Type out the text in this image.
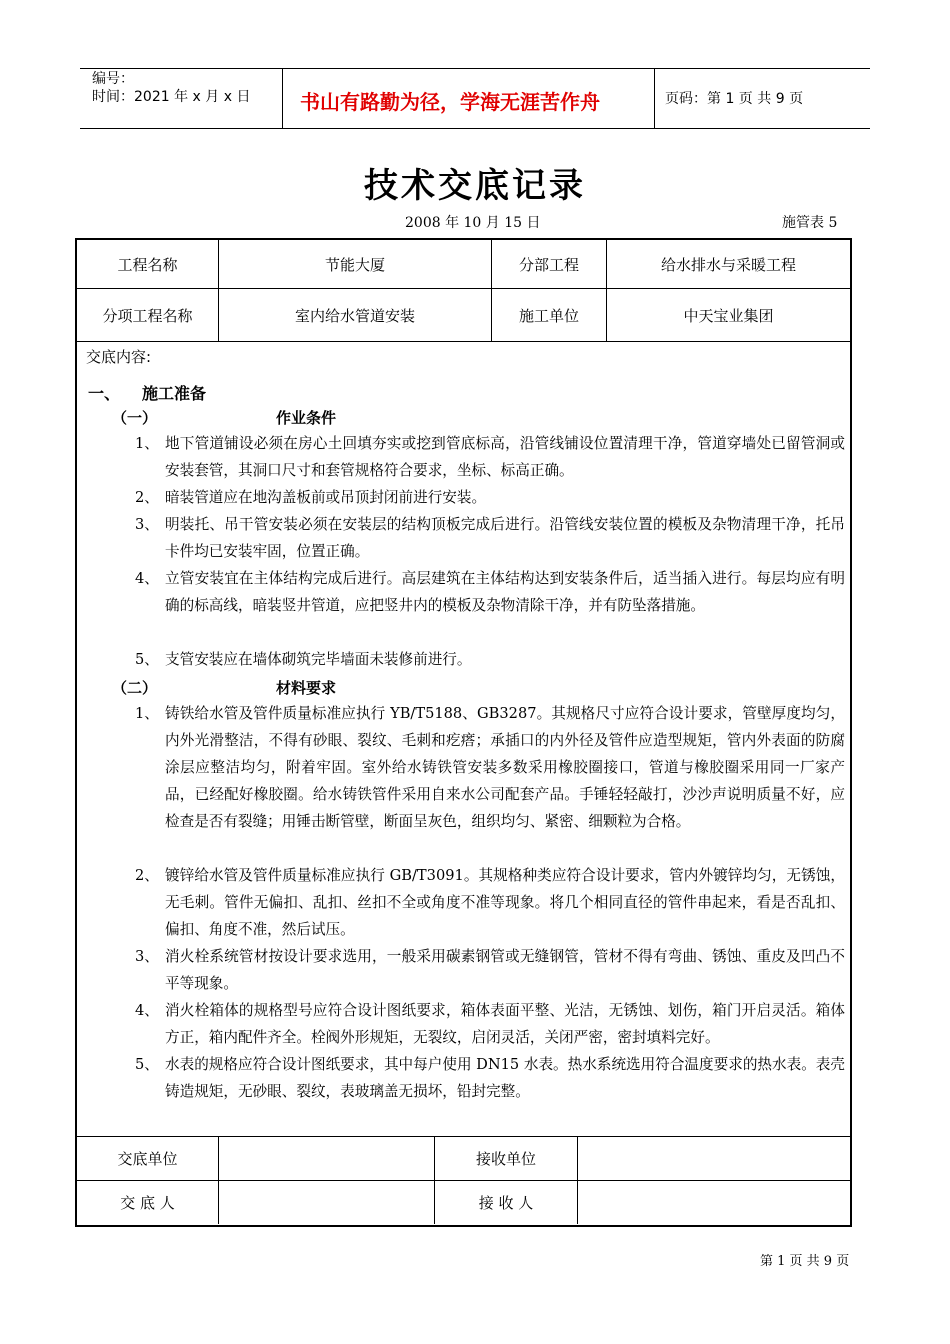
编号：
时间：2021 年 x 月 x 日 书山有路勤为径，学海无涯苦作舟	页码：第 1 页 共 9 页
技术交底记录
2008 年 10 月 15 日	施管表 5
工程名称	节能大厦	分部工程	给水排水与采暖工程
分项工程名称	室内给水管道安装	施工单位	中天宝业集团
交底内容:
一、 施工准备
（一）	作业条件
1、 地下管道铺设必须在房心土回填夯实或挖到管底标高，沿管线铺设位置清理干净，管道穿墙处已留管洞或安装套管，其洞口尺寸和套管规格符合要求，坐标、标高正确。
2、 暗装管道应在地沟盖板前或吊顶封闭前进行安装。
3、 明装托、吊干管安装必须在安装层的结构顶板完成后进行。沿管线安装位置的模板及杂物清理干净，托吊卡件均已安装牢固，位置正确。
4、 立管安装宜在主体结构完成后进行。高层建筑在主体结构达到安装条件后，适当插入进行。每层均应有明确的标高线，暗装竖井管道，应把竖井内的模板及杂物清除干净，并有防坠落措施。
5、 支管安装应在墙体砌筑完毕墙面未装修前进行。
（二）	材料要求
1、 铸铁给水管及管件质量标准应执行 YB/T5188、GB3287。其规格尺寸应符合设计要求，管壁厚度均匀，内外光滑整洁，不得有砂眼、裂纹、毛刺和疙瘩；承插口的内外径及管件应造型规矩，管内外表面的防腐涂层应整洁均匀，附着牢固。室外给水铸铁管安装多数采用橡胶圈接口，管道与橡胶圈采用同一厂家产品，已经配好橡胶圈。给水铸铁管件采用自来水公司配套产品。手锤轻轻敲打，沙沙声说明质量不好，应检查是否有裂缝；用锤击断管壁，断面呈灰色，组织均匀、紧密、细颗粒为合格。
2、 镀锌给水管及管件质量标准应执行 GB/T3091。其规格种类应符合设计要求，管内外镀锌均匀，无锈蚀，无毛刺。管件无偏扣、乱扣、丝扣不全或角度不准等现象。将几个相同直径的管件串起来，看是否乱扣、偏扣、角度不准，然后试压。
3、 消火栓系统管材按设计要求选用，一般采用碳素钢管或无缝钢管，管材不得有弯曲、锈蚀、重皮及凹凸不平等现象。
4、 消火栓箱体的规格型号应符合设计图纸要求，箱体表面平整、光洁，无锈蚀、划伤，箱门开启灵活。箱体方正，箱内配件齐全。栓阀外形规矩，无裂纹，启闭灵活，关闭严密，密封填料完好。
5、 水表的规格应符合设计图纸要求，其中每户使用 DN15 水表。热水系统选用符合温度要求的热水表。表壳铸造规矩，无砂眼、裂纹，表玻璃盖无损坏，铅封完整。
交底单位	接收单位
交 底 人	接 收 人
第 1 页 共 9 页
